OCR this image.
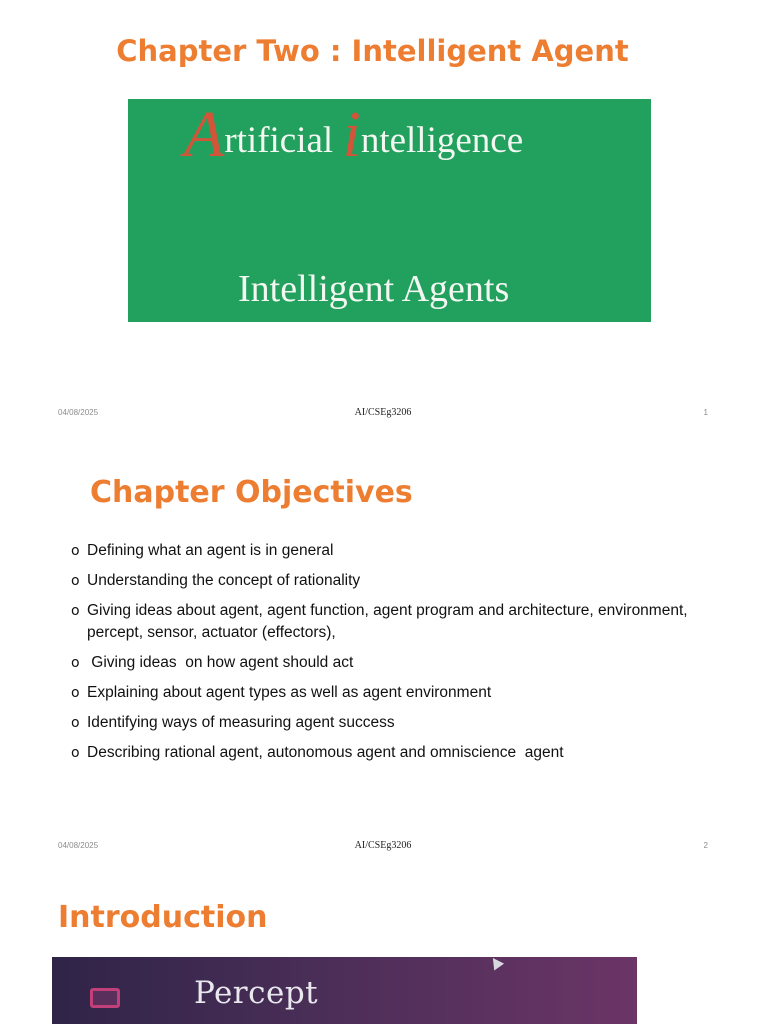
Chapter Two : Intelligent Agent
Artificial intelligence
Intelligent Agents
04/08/2025	AI/CSEg3206	1
Chapter Objectives
o Defining what an agent is in general
o Understanding the concept of rationality
o Giving ideas about agent, agent function, agent program and architecture, environment, percept, sensor, actuator (effectors),
o Giving ideas  on how agent should act
o Explaining about agent types as well as agent environment
o Identifying ways of measuring agent success
o Describing rational agent, autonomous agent and omniscience  agent
04/08/2025	AI/CSEg3206	2
Introduction
Percept
